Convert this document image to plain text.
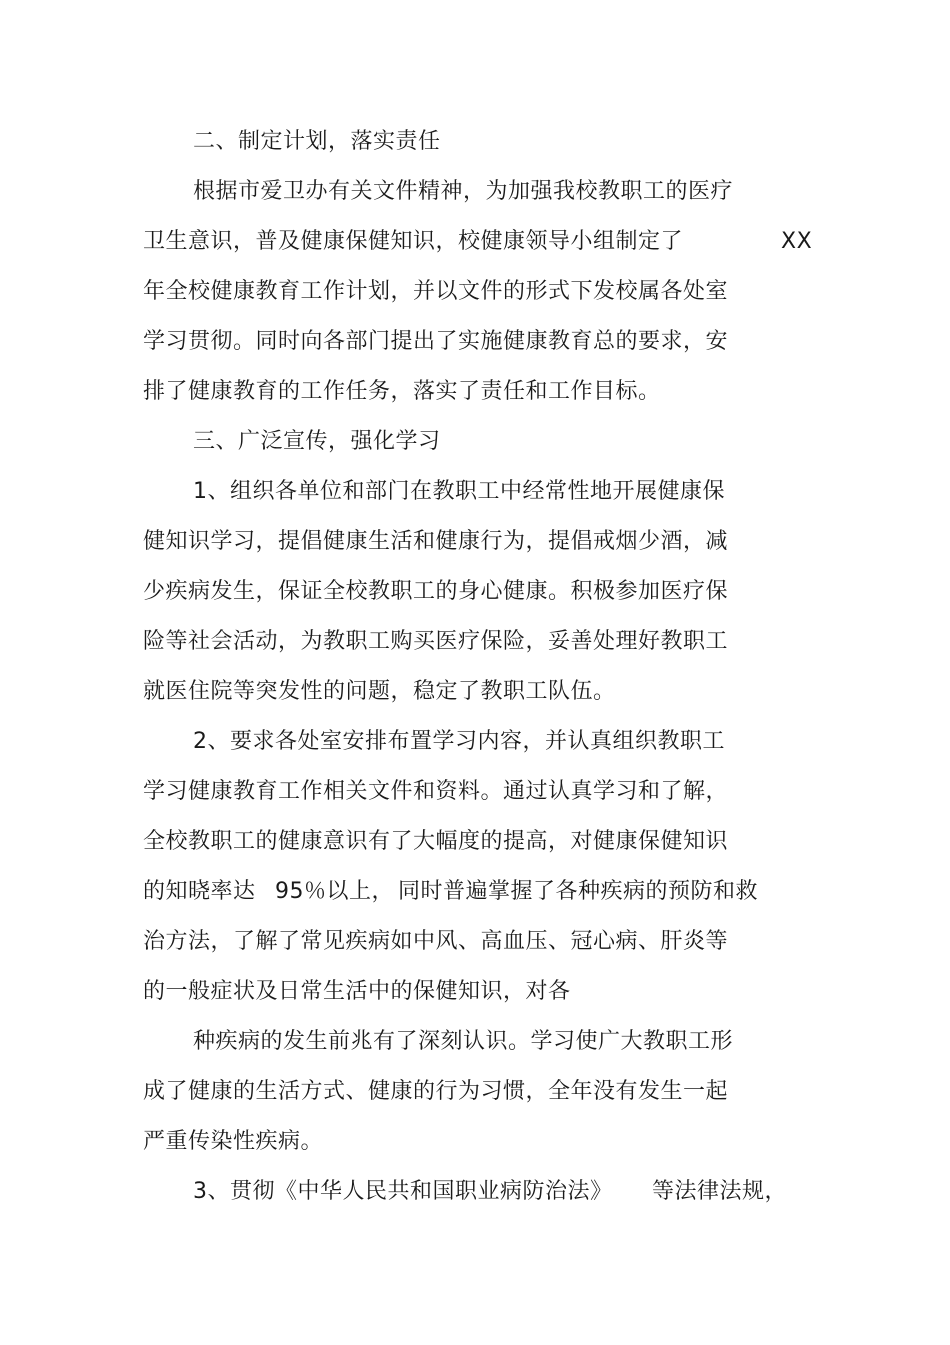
二、制定计划，落实责任
根据市爱卫办有关文件精神，为加强我校教职工的医疗
卫生意识，普及健康保健知识，校健康领导小组制定了	XX
年全校健康教育工作计划，并以文件的形式下发校属各处室
学习贯彻。同时向各部门提出了实施健康教育总的要求，安
排了健康教育的工作任务，落实了责任和工作目标。
三、广泛宣传，强化学习
1、组织各单位和部门在教职工中经常性地开展健康保
健知识学习，提倡健康生活和健康行为，提倡戒烟少酒，减
少疾病发生，保证全校教职工的身心健康。积极参加医疗保
险等社会活动，为教职工购买医疗保险，妥善处理好教职工
就医住院等突发性的问题，稳定了教职工队伍。
2、要求各处室安排布置学习内容，并认真组织教职工
学习健康教育工作相关文件和资料。通过认真学习和了解，
全校教职工的健康意识有了大幅度的提高，对健康保健知识
的知晓率达 95％以上， 同时普遍掌握了各种疾病的预防和救
治方法，了解了常见疾病如中风、高血压、冠心病、肝炎等
的一般症状及日常生活中的保健知识，对各
种疾病的发生前兆有了深刻认识。学习使广大教职工形
成了健康的生活方式、健康的行为习惯，全年没有发生一起
严重传染性疾病。
3、贯彻《中华人民共和国职业病防治法》 等法律法规，
